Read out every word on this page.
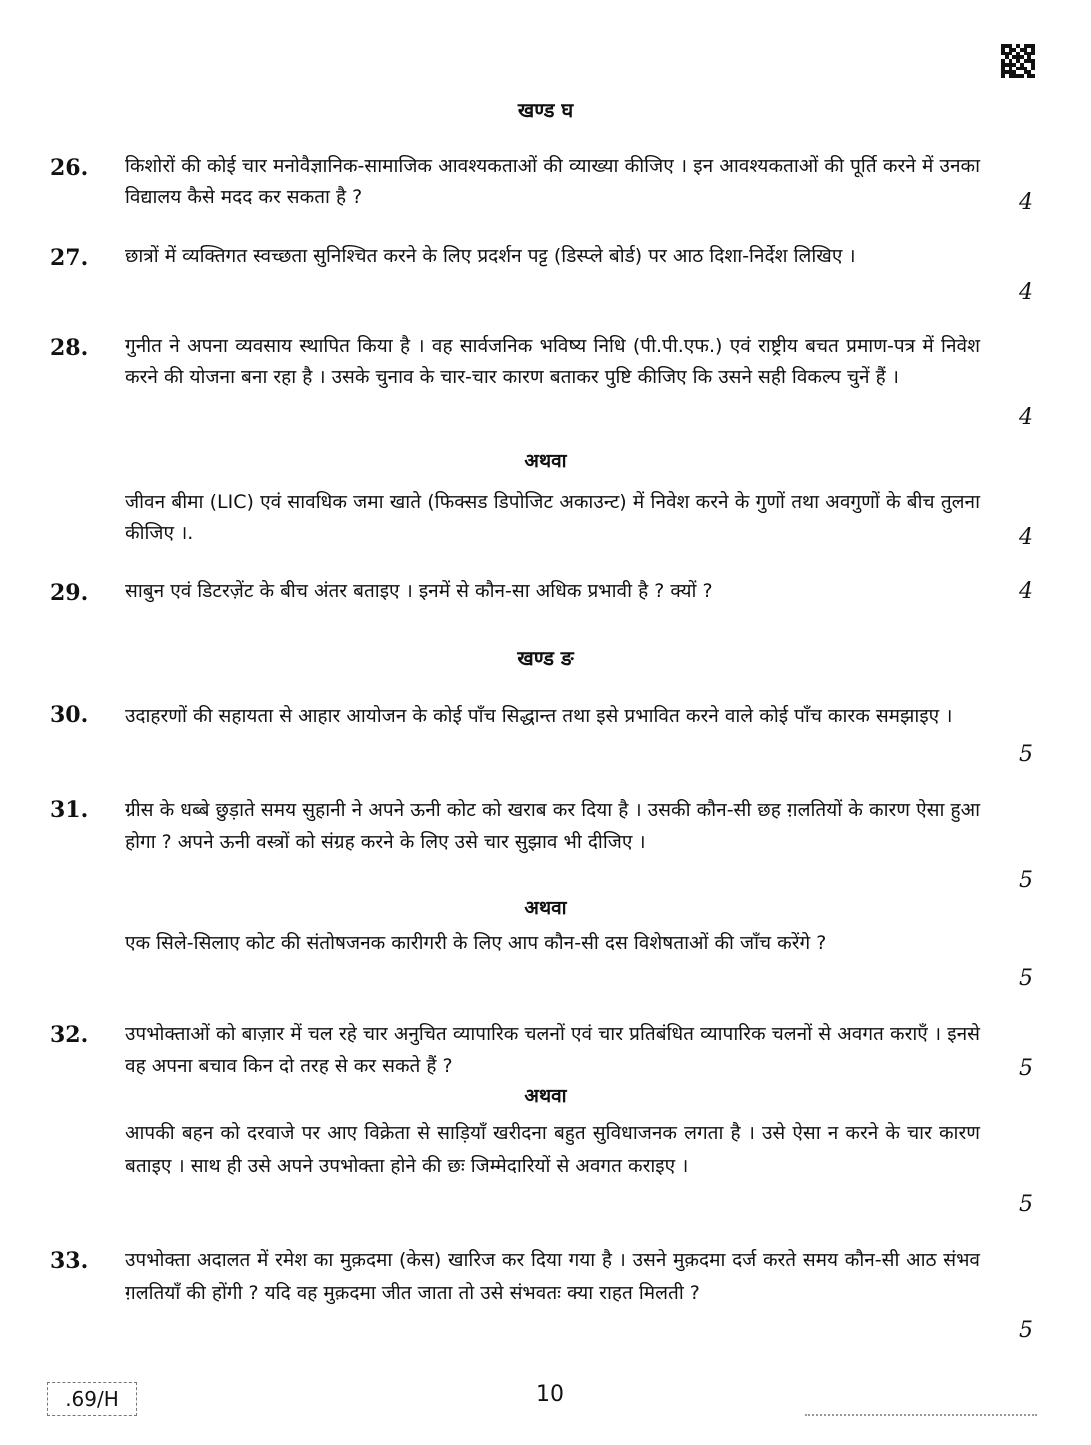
खण्ड घ
26. किशोरों की कोई चार मनोवैज्ञानिक-सामाजिक आवश्यकताओं की व्याख्या कीजिए । इन आवश्यकताओं की पूर्ति करने में उनका विद्यालय कैसे मदद कर सकता है ?	4
27. छात्रों में व्यक्तिगत स्वच्छता सुनिश्चित करने के लिए प्रदर्शन पट्ट (डिस्प्ले बोर्ड) पर आठ दिशा-निर्देश लिखिए ।
4
28. गुनीत ने अपना व्यवसाय स्थापित किया है । वह सार्वजनिक भविष्य निधि (पी.पी.एफ.) एवं राष्ट्रीय बचत प्रमाण-पत्र में निवेश करने की योजना बना रहा है । उसके चुनाव के चार-चार कारण बताकर पुष्टि कीजिए कि उसने सही विकल्प चुनें हैं ।
4
अथवा
जीवन बीमा (LIC) एवं सावधिक जमा खाते (फिक्सड डिपोजिट अकाउन्ट) में निवेश करने के गुणों तथा अवगुणों के बीच तुलना कीजिए ।.	4
29. साबुन एवं डिटरज़ेंट के बीच अंतर बताइए । इनमें से कौन-सा अधिक प्रभावी है ? क्यों ?	4
खण्ड ङ
30. उदाहरणों की सहायता से आहार आयोजन के कोई पाँच सिद्धान्त तथा इसे प्रभावित करने वाले कोई पाँच कारक समझाइए ।
5
31. ग्रीस के धब्बे छुड़ाते समय सुहानी ने अपने ऊनी कोट को खराब कर दिया है । उसकी कौन-सी छह ग़लतियों के कारण ऐसा हुआ होगा ? अपने ऊनी वस्त्रों को संग्रह करने के लिए उसे चार सुझाव भी दीजिए ।
5
अथवा
एक सिले-सिलाए कोट की संतोषजनक कारीगरी के लिए आप कौन-सी दस विशेषताओं की जाँच करेंगे ?
5
32. उपभोक्ताओं को बाज़ार में चल रहे चार अनुचित व्यापारिक चलनों एवं चार प्रतिबंधित व्यापारिक चलनों से अवगत कराएँ । इनसे वह अपना बचाव किन दो तरह से कर सकते हैं ?	5
अथवा
आपकी बहन को दरवाजे पर आए विक्रेता से साड़ियाँ खरीदना बहुत सुविधाजनक लगता है । उसे ऐसा न करने के चार कारण बताइए । साथ ही उसे अपने उपभोक्ता होने की छः जिम्मेदारियों से अवगत कराइए ।
5
33. उपभोक्ता अदालत में रमेश का मुक़दमा (केस) खारिज कर दिया गया है । उसने मुक़दमा दर्ज करते समय कौन-सी आठ संभव ग़लतियाँ की होंगी ? यदि वह मुक़दमा जीत जाता तो उसे संभवतः क्या राहत मिलती ?
5
.69/H	10
